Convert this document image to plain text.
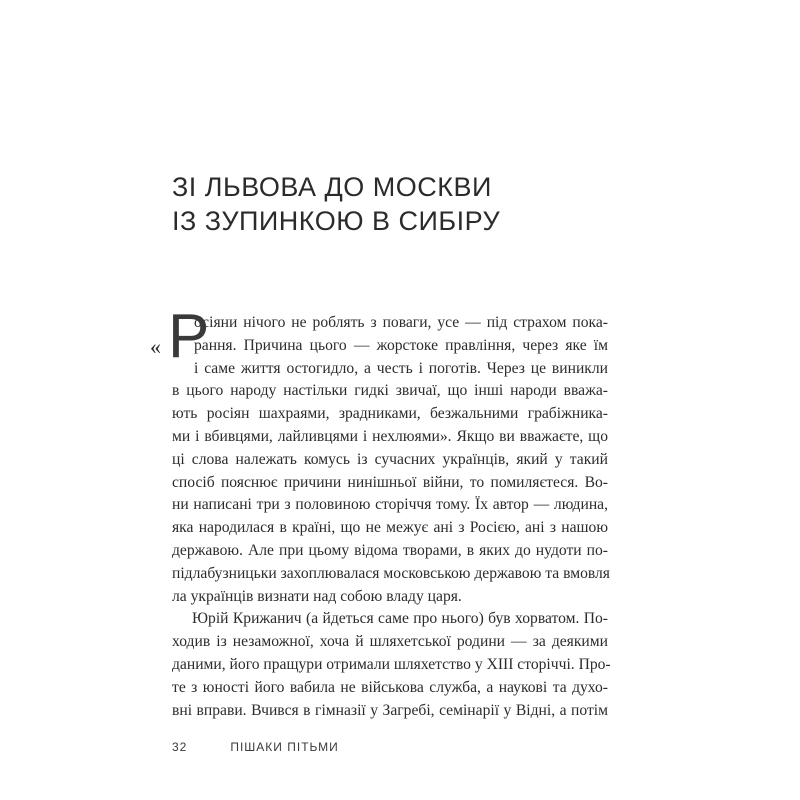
ЗІ ЛЬВОВА ДО МОСКВИ
ІЗ ЗУПИНКОЮ В СИБІРУ
« Р
осіяни нічого не роблять з поваги, усе — під страхом пока-
рання. Причина цього — жорстоке правління, через яке їм
і саме життя остогидло, а честь і поготів. Через це виникли
в цього народу настільки гидкі звичаї, що інші народи вважа-
ють росіян шахраями, зрадниками, безжальними грабіжника-
ми і вбивцями, лайливцями і нехлюями». Якщо ви вважаєте, що
ці слова належать комусь із сучасних українців, який у такий
спосіб пояснює причини нинішньої війни, то помиляєтеся. Во-
ни написані три з половиною сторіччя тому. Їх автор — людина,
яка народилася в країні, що не межує ані з Росією, ані з нашою
державою. Але при цьому відома творами, в яких до нудоти по-
підлабузницьки захоплювалася московською державою та вмовля
ла українців визнати над собою владу царя.
Юрій Крижанич (а йдеться саме про нього) був хорватом. По-
ходив із незаможної, хоча й шляхетської родини — за деякими
даними, його пращури отримали шляхетство у XIII сторіччі. Про-
те з юності його вабила не військова служба, а наукові та духо-
вні вправи. Вчився в гімназії у Загребі, семінарії у Відні, а потім
32	ПІШАКИ ПІТЬМИ
